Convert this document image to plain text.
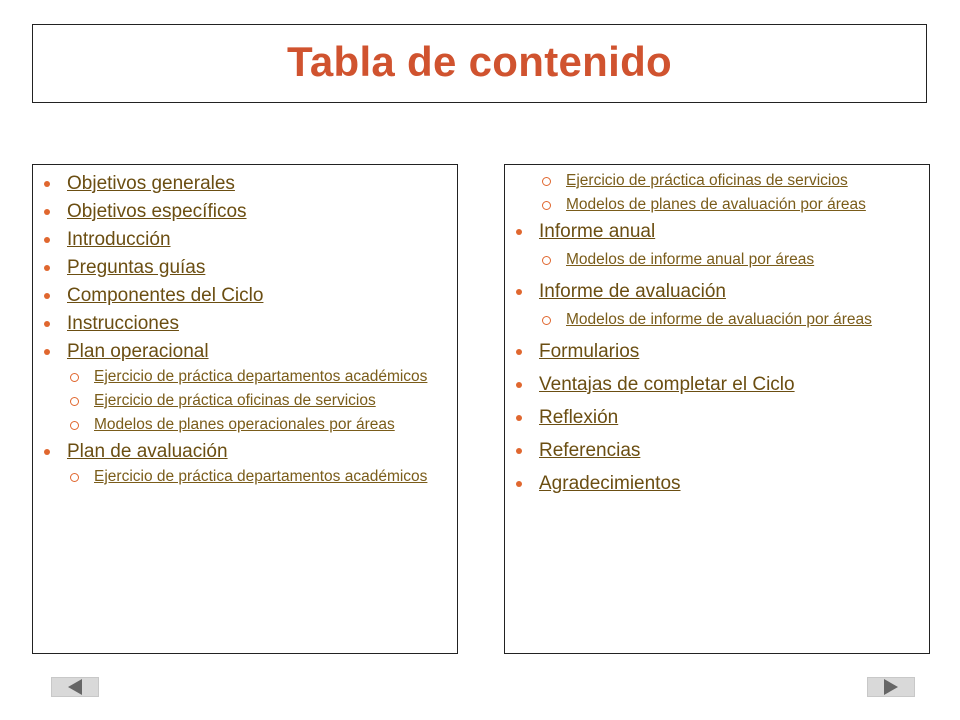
Tabla de contenido
Objetivos generales
Objetivos específicos
Introducción
Preguntas guías
Componentes del Ciclo
Instrucciones
Plan operacional
Ejercicio de práctica departamentos académicos
Ejercicio de práctica oficinas de servicios
Modelos de planes operacionales por áreas
Plan de avaluación
Ejercicio de práctica departamentos académicos
Ejercicio de práctica oficinas de servicios
Modelos de planes de avaluación por áreas
Informe anual
Modelos de informe anual por áreas
Informe de avaluación
Modelos de informe de avaluación por áreas
Formularios
Ventajas de completar el Ciclo
Reflexión
Referencias
Agradecimientos
